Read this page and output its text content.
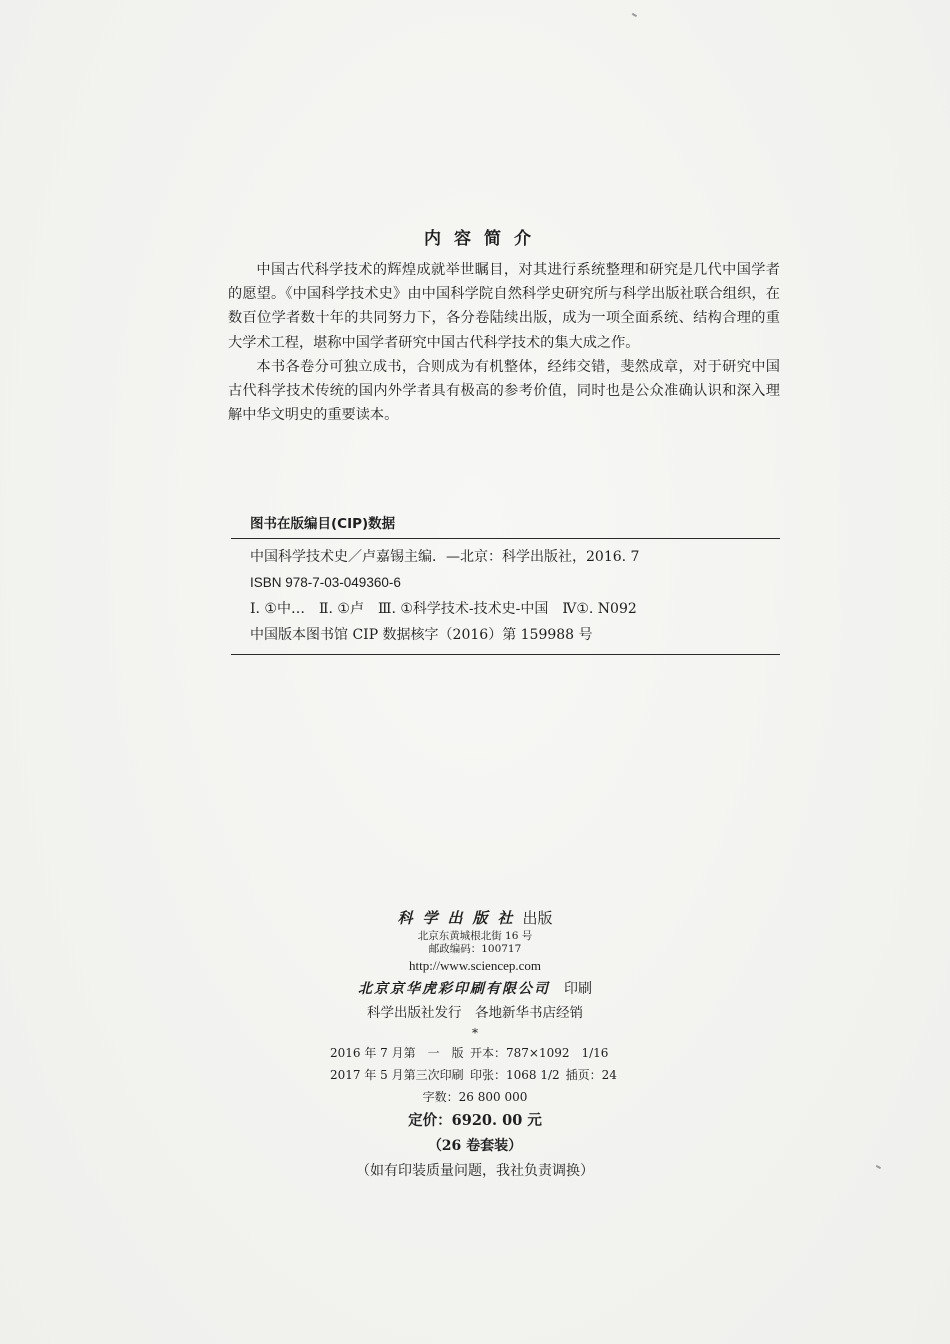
内容简介

中国古代科学技术的辉煌成就举世瞩目，对其进行系统整理和研究是几代中国学者的愿望。《中国科学技术史》由中国科学院自然科学史研究所与科学出版社联合组织，在数百位学者数十年的共同努力下，各分卷陆续出版，成为一项全面系统、结构合理的重大学术工程，堪称中国学者研究中国古代科学技术的集大成之作。

本书各卷分可独立成书，合则成为有机整体，经纬交错，斐然成章，对于研究中国古代科学技术传统的国内外学者具有极高的参考价值，同时也是公众准确认识和深入理解中华文明史的重要读本。

图书在版编目(CIP)数据
中国科学技术史／卢嘉锡主编．—北京：科学出版社，2016. 7
ISBN 978-7-03-049360-6
Ⅰ. ①中…　Ⅱ. ①卢　Ⅲ. ①科学技术-技术史-中国　Ⅳ①. N092
中国版本图书馆 CIP 数据核字（2016）第 159988 号
科学出版社出版
北京东黄城根北街 16 号
邮政编码：100717
http://www.sciencep.com
北京京华虎彩印刷有限公司  印刷
科学出版社发行　各地新华书店经销
*
2016 年 7 月第　一　版 开本：787×1092　1/16
2017 年 5 月第三次印刷 印张：1068 1/2  插页：24
字数：26 800 000
定价：6920. 00 元
（26 卷套装）
（如有印装质量问题，我社负责调换）
